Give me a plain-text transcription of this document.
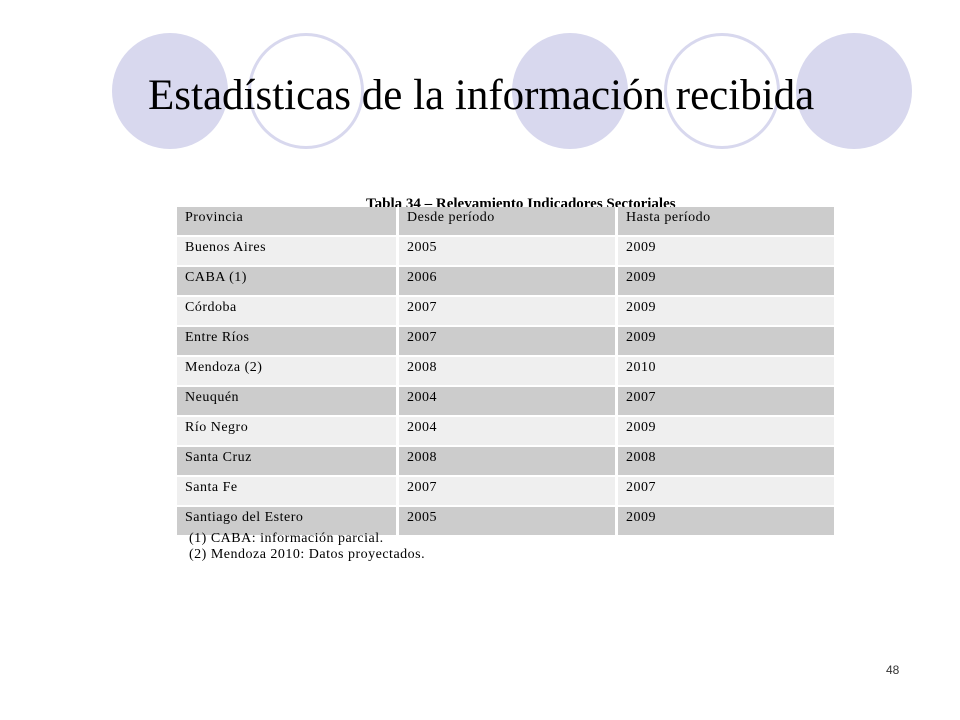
Estadísticas de la información recibida
Tabla 34 – Relevamiento Indicadores Sectoriales
Provincia	Desde período	Hasta período
Buenos Aires	2005	2009
CABA (1)	2006	2009
Córdoba	2007	2009
Entre Ríos	2007	2009
Mendoza (2)	2008	2010
Neuquén	2004	2007
Río Negro	2004	2009
Santa Cruz	2008	2008
Santa Fe	2007	2007
Santiago del Estero	2005	2009
(1) CABA: información parcial.
(2) Mendoza 2010: Datos proyectados.
48
